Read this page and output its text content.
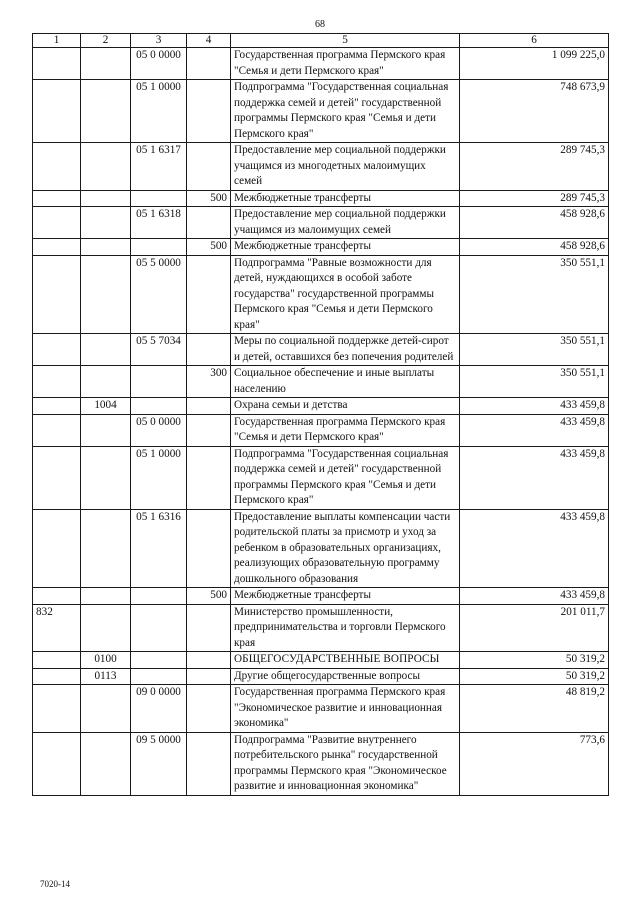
68
1	2	3	4	5	6
		05 0 0000		Государственная программа Пермского края "Семья и дети Пермского края"	1 099 225,0
		05 1 0000		Подпрограмма "Государственная социальная поддержка семей и детей" государственной программы Пермского края "Семья и дети Пермского края"	748 673,9
		05 1 6317		Предоставление мер социальной поддержки учащимся из многодетных малоимущих семей	289 745,3
			500	Межбюджетные трансферты	289 745,3
		05 1 6318		Предоставление мер социальной поддержки учащимся из малоимущих семей	458 928,6
			500	Межбюджетные трансферты	458 928,6
		05 5 0000		Подпрограмма "Равные возможности для детей, нуждающихся в особой заботе государства" государственной программы Пермского края "Семья и дети Пермского края"	350 551,1
		05 5 7034		Меры по социальной поддержке детей-сирот и детей, оставшихся без попечения родителей	350 551,1
			300	Социальное обеспечение и иные выплаты населению	350 551,1
	1004			Охрана семьи и детства	433 459,8
		05 0 0000		Государственная программа Пермского края "Семья и дети Пермского края"	433 459,8
		05 1 0000		Подпрограмма "Государственная социальная поддержка семей и детей" государственной программы Пермского края "Семья и дети Пермского края"	433 459,8
		05 1 6316		Предоставление выплаты компенсации части родительской платы за присмотр и уход за ребенком в образовательных организациях, реализующих образовательную программу дошкольного образования	433 459,8
			500	Межбюджетные трансферты	433 459,8
832				Министерство промышленности, предпринимательства и торговли Пермского края	201 011,7
	0100			ОБЩЕГОСУДАРСТВЕННЫЕ ВОПРОСЫ	50 319,2
	0113			Другие общегосударственные вопросы	50 319,2
		09 0 0000		Государственная программа Пермского края "Экономическое развитие и инновационная экономика"	48 819,2
		09 5 0000		Подпрограмма "Развитие внутреннего потребительского рынка" государственной программы Пермского края "Экономическое развитие и инновационная экономика"	773,6
7020-14
